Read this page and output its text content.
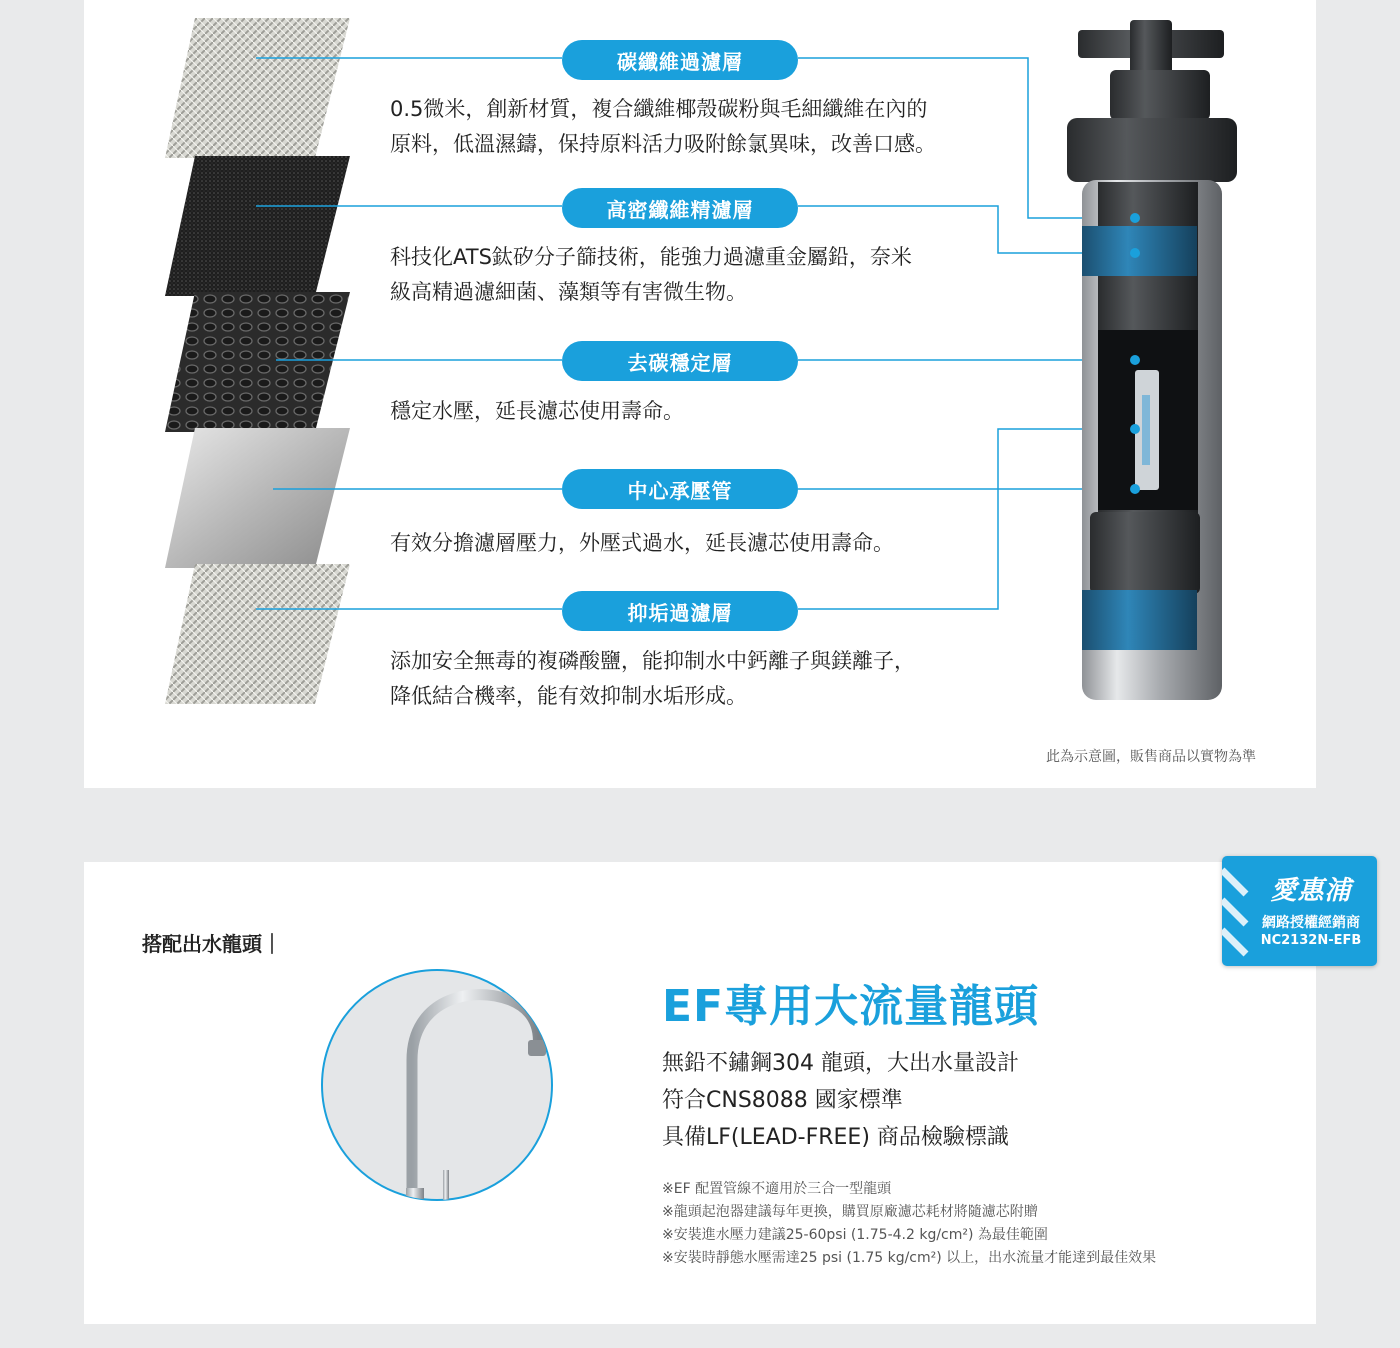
碳纖維過濾層
0.5微米，創新材質，複合纖維椰殼碳粉與毛細纖維在內的
原料，低溫濕鑄，保持原料活力吸附餘氯異味，改善口感。
高密纖維精濾層
科技化ATS鈦矽分子篩技術，能強力過濾重金屬鉛，奈米
級高精過濾細菌、藻類等有害微生物。
去碳穩定層
穩定水壓，延長濾芯使用壽命。
中心承壓管
有效分擔濾層壓力，外壓式過水，延長濾芯使用壽命。
抑垢過濾層
添加安全無毒的複磷酸鹽，能抑制水中鈣離子與鎂離子，
降低結合機率，能有效抑制水垢形成。
此為示意圖，販售商品以實物為準
搭配出水龍頭｜
EF專用大流量龍頭
無鉛不鏽鋼304 龍頭，大出水量設計
符合CNS8088 國家標準
具備LF(LEAD-FREE) 商品檢驗標識
※EF 配置管線不適用於三合一型龍頭
※龍頭起泡器建議每年更換，購買原廠濾芯耗材將隨濾芯附贈
※安裝進水壓力建議25-60psi (1.75-4.2 kg/cm²) 為最佳範圍
※安裝時靜態水壓需達25 psi (1.75 kg/cm²) 以上，出水流量才能達到最佳效果
愛惠浦
網路授權經銷商
NC2132N-EFB
